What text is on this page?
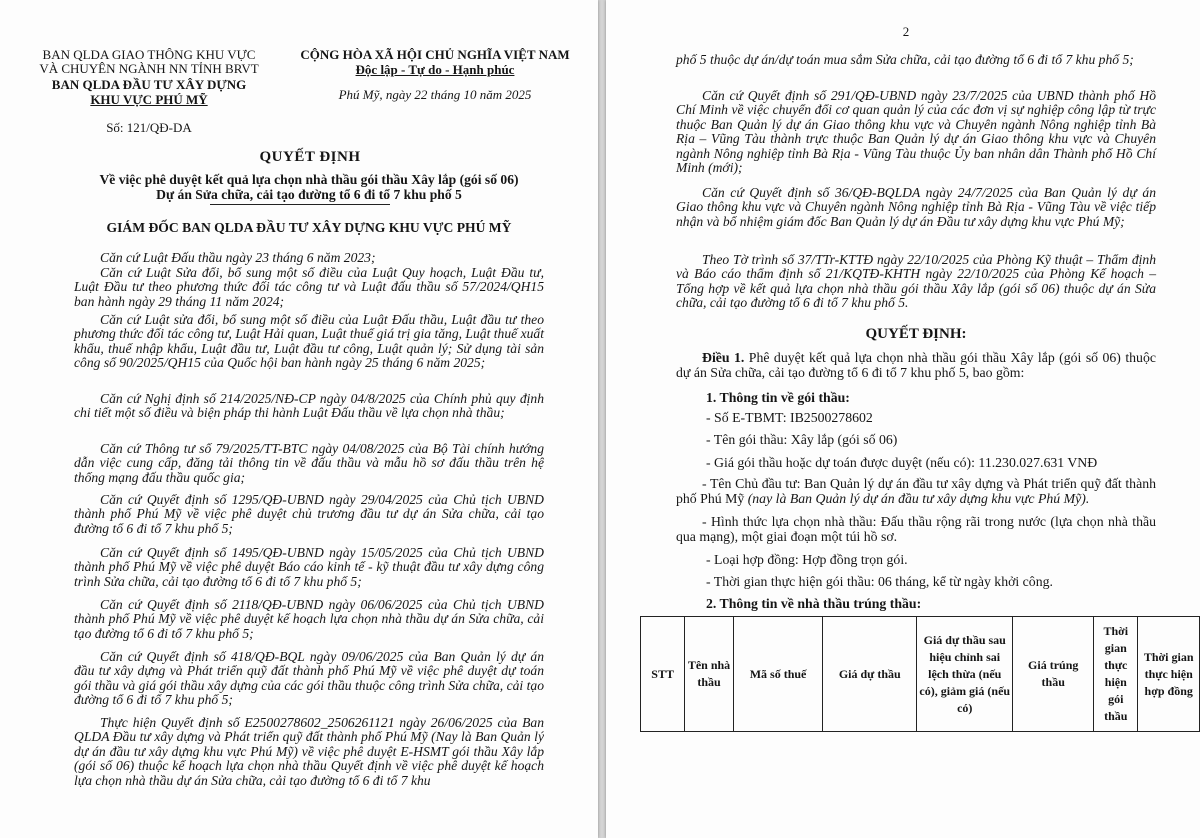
BAN QLDA GIAO THÔNG KHU VỰC
VÀ CHUYÊN NGÀNH NN TỈNH BRVT
BAN QLDA ĐẦU TƯ XÂY DỰNG
KHU VỰC PHÚ MỸ
Số: 121/QĐ-DA
CỘNG HÒA XÃ HỘI CHỦ NGHĨA VIỆT NAM
Độc lập - Tự do - Hạnh phúc
Phú Mỹ, ngày 22 tháng 10 năm 2025
QUYẾT ĐỊNH
Về việc phê duyệt kết quả lựa chọn nhà thầu gói thầu Xây lắp (gói số 06)
Dự án Sửa chữa, cải tạo đường tổ 6 đi tổ 7 khu phố 5
GIÁM ĐỐC BAN QLDA ĐẦU TƯ XÂY DỰNG KHU VỰC PHÚ MỸ
Căn cứ Luật Đấu thầu ngày 23 tháng 6 năm 2023;
Căn cứ Luật Sửa đổi, bổ sung một số điều của Luật Quy hoạch, Luật Đầu tư, Luật Đầu tư theo phương thức đối tác công tư và Luật đấu thầu số 57/2024/QH15 ban hành ngày 29 tháng 11 năm 2024;
Căn cứ Luật sửa đổi, bổ sung một số điều của Luật Đấu thầu, Luật đầu tư theo phương thức đối tác công tư, Luật Hải quan, Luật thuế giá trị gia tăng, Luật thuế xuất khẩu, thuế nhập khẩu, Luật đầu tư, Luật đầu tư công, Luật quản lý; Sử dụng tài sản công số 90/2025/QH15 của Quốc hội ban hành ngày 25 tháng 6 năm 2025;
Căn cứ Nghị định số 214/2025/NĐ-CP ngày 04/8/2025 của Chính phủ quy định chi tiết một số điều và biện pháp thi hành Luật Đấu thầu về lựa chọn nhà thầu;
Căn cứ Thông tư số 79/2025/TT-BTC ngày 04/08/2025 của Bộ Tài chính hướng dẫn việc cung cấp, đăng tải thông tin về đấu thầu và mẫu hồ sơ đấu thầu trên hệ thống mạng đấu thầu quốc gia;
Căn cứ Quyết định số 1295/QĐ-UBND ngày 29/04/2025 của Chủ tịch UBND thành phố Phú Mỹ về việc phê duyệt chủ trương đầu tư dự án Sửa chữa, cải tạo đường tổ 6 đi tổ 7 khu phố 5;
Căn cứ Quyết định số 1495/QĐ-UBND ngày 15/05/2025 của Chủ tịch UBND thành phố Phú Mỹ về việc phê duyệt Báo cáo kinh tế - kỹ thuật đầu tư xây dựng công trình Sửa chữa, cải tạo đường tổ 6 đi tổ 7 khu phố 5;
Căn cứ Quyết định số 2118/QĐ-UBND ngày 06/06/2025 của Chủ tịch UBND thành phố Phú Mỹ về việc phê duyệt kế hoạch lựa chọn nhà thầu dự án Sửa chữa, cải tạo đường tổ 6 đi tổ 7 khu phố 5;
Căn cứ Quyết định số 418/QĐ-BQL ngày 09/06/2025 của Ban Quản lý dự án đầu tư xây dựng và Phát triển quỹ đất thành phố Phú Mỹ về việc phê duyệt dự toán gói thầu và giá gói thầu xây dựng của các gói thầu thuộc công trình Sửa chữa, cải tạo đường tổ 6 đi tổ 7 khu phố 5;
Thực hiện Quyết định số E2500278602_2506261121 ngày 26/06/2025 của Ban QLDA Đầu tư xây dựng và Phát triển quỹ đất thành phố Phú Mỹ (Nay là Ban Quản lý dự án đầu tư xây dựng khu vực Phú Mỹ) về việc phê duyệt E-HSMT gói thầu Xây lắp (gói số 06) thuộc kế hoạch lựa chọn nhà thầu Quyết định về việc phê duyệt kế hoạch lựa chọn nhà thầu dự án Sửa chữa, cải tạo đường tổ 6 đi tổ 7 khu
2
phố 5 thuộc dự án/dự toán mua sắm Sửa chữa, cải tạo đường tổ 6 đi tổ 7 khu phố 5;
Căn cứ Quyết định số 291/QĐ-UBND ngày 23/7/2025 của UBND thành phố Hồ Chí Minh về việc chuyển đổi cơ quan quản lý của các đơn vị sự nghiệp công lập từ trực thuộc Ban Quản lý dự án Giao thông khu vực và Chuyên ngành Nông nghiệp tỉnh Bà Rịa – Vũng Tàu thành trực thuộc Ban Quản lý dự án Giao thông khu vực và Chuyên ngành Nông nghiệp tỉnh Bà Rịa - Vũng Tàu thuộc Ủy ban nhân dân Thành phố Hồ Chí Minh (mới);
Căn cứ Quyết định số 36/QĐ-BQLDA ngày 24/7/2025 của Ban Quản lý dự án Giao thông khu vực và Chuyên ngành Nông nghiệp tỉnh Bà Rịa - Vũng Tàu về việc tiếp nhận và bổ nhiệm giám đốc Ban Quản lý dự án Đầu tư xây dựng khu vực Phú Mỹ;
Theo Tờ trình số 37/TTr-KTTĐ ngày 22/10/2025 của Phòng Kỹ thuật – Thẩm định và Báo cáo thẩm định số 21/KQTĐ-KHTH ngày 22/10/2025 của Phòng Kế hoạch – Tổng hợp về kết quả lựa chọn nhà thầu gói thầu Xây lắp (gói số 06) thuộc dự án Sửa chữa, cải tạo đường tổ 6 đi tổ 7 khu phố 5.
QUYẾT ĐỊNH:
Điều 1. Phê duyệt kết quả lựa chọn nhà thầu gói thầu Xây lắp (gói số 06) thuộc dự án Sửa chữa, cải tạo đường tổ 6 đi tổ 7 khu phố 5, bao gồm:
1. Thông tin về gói thầu:
- Số E-TBMT: IB2500278602
- Tên gói thầu: Xây lắp (gói số 06)
- Giá gói thầu hoặc dự toán được duyệt (nếu có): 11.230.027.631 VNĐ
- Tên Chủ đầu tư: Ban Quản lý dự án đầu tư xây dựng và Phát triển quỹ đất thành phố Phú Mỹ (nay là Ban Quản lý dự án đầu tư xây dựng khu vực Phú Mỹ).
- Hình thức lựa chọn nhà thầu: Đấu thầu rộng rãi trong nước (lựa chọn nhà thầu qua mạng), một giai đoạn một túi hồ sơ.
- Loại hợp đồng: Hợp đồng trọn gói.
- Thời gian thực hiện gói thầu: 06 tháng, kể từ ngày khởi công.
2. Thông tin về nhà thầu trúng thầu:
STT	Tên nhà thầu	Mã số thuế	Giá dự thầu	Giá dự thầu sau hiệu chỉnh sai lệch thừa (nếu có), giảm giá (nếu có)	Giá trúng thầu	Thời gian thực hiện gói thầu	Thời gian thực hiện hợp đồng
